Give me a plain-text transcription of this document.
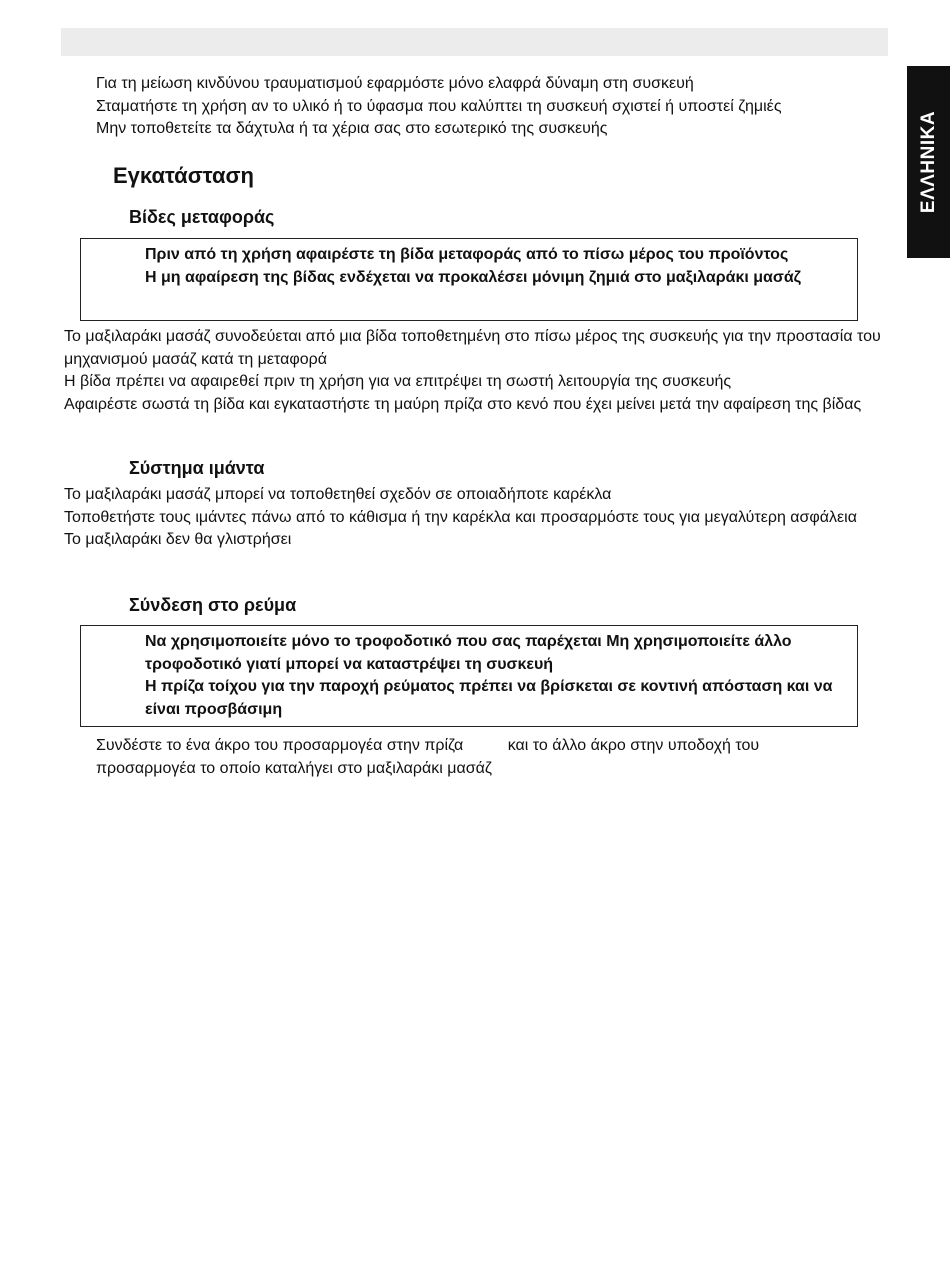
ΕΛΛΗΝΙΚΑ

Για τη μείωση κινδύνου τραυματισμού εφαρμόστε μόνο ελαφρά δύναμη στη συσκευή

Σταματήστε τη χρήση αν το υλικό ή το ύφασμα που καλύπτει τη συσκευή σχιστεί ή υποστεί ζημιές

Μην τοποθετείτε τα δάχτυλα ή τα χέρια σας στο εσωτερικό της συσκευής

Εγκατάσταση
Βίδες μεταφοράς

Πριν από τη χρήση αφαιρέστε τη βίδα μεταφοράς από το πίσω μέρος του προϊόντος

Η μη αφαίρεση της βίδας ενδέχεται να προκαλέσει μόνιμη ζημιά στο μαξιλαράκι μασάζ

Το μαξιλαράκι μασάζ συνοδεύεται από μια βίδα τοποθετημένη στο πίσω μέρος της συσκευής για την προστασία του μηχανισμού μασάζ κατά τη μεταφορά

Η βίδα πρέπει να αφαιρεθεί πριν τη χρήση για να επιτρέψει τη σωστή λειτουργία της συσκευής

Αφαιρέστε σωστά τη βίδα και εγκαταστήστε τη μαύρη πρίζα στο κενό που έχει μείνει μετά την αφαίρεση της βίδας

Σύστημα ιμάντα

Το μαξιλαράκι μασάζ μπορεί να τοποθετηθεί σχεδόν σε οποιαδήποτε καρέκλα

Τοποθετήστε τους ιμάντες πάνω από το κάθισμα ή την καρέκλα και προσαρμόστε τους για μεγαλύτερη ασφάλεια

Το μαξιλαράκι δεν θα γλιστρήσει

Σύνδεση στο ρεύμα

Να χρησιμοποιείτε μόνο το τροφοδοτικό που σας παρέχεται Μη χρησιμοποιείτε άλλο τροφοδοτικό γιατί μπορεί να καταστρέψει τη συσκευή

Η πρίζα τοίχου για την παροχή ρεύματος πρέπει να βρίσκεται σε κοντινή απόσταση και να είναι προσβάσιμη

Συνδέστε το ένα άκρο του προσαρμογέα στην πρίζα          και το άλλο άκρο στην υποδοχή του προσαρμογέα το οποίο καταλήγει στο μαξιλαράκι μασάζ
